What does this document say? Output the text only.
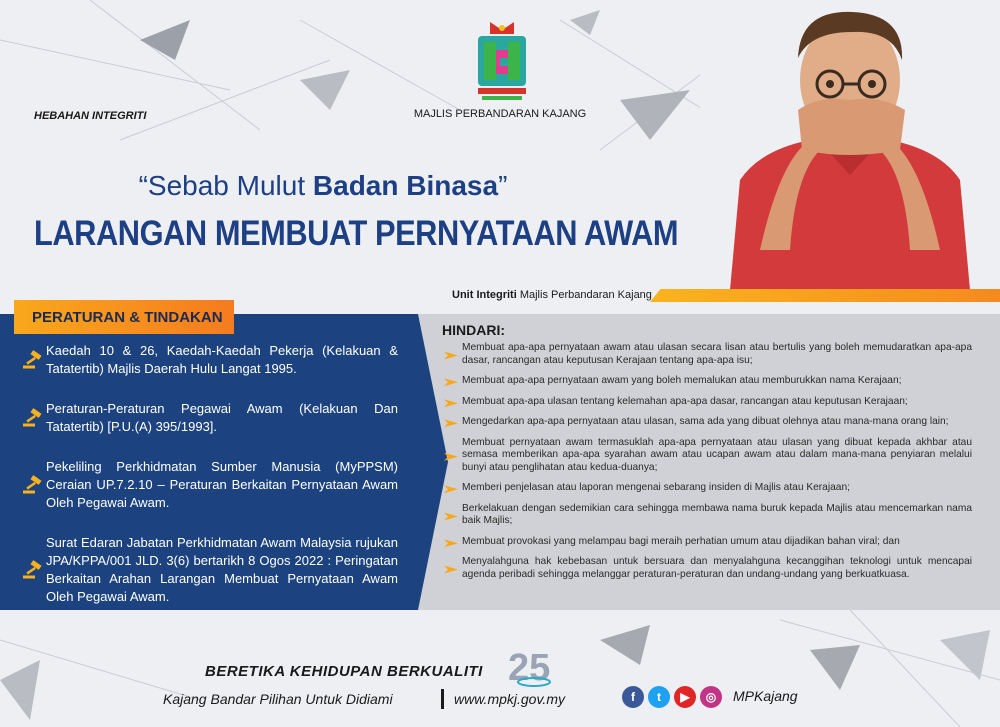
HEBAHAN INTEGRITI	MAJLIS PERBANDARAN KAJANG
“Sebab Mulut Badan Binasa”
LARANGAN MEMBUAT PERNYATAAN AWAM
Unit Integriti Majlis Perbandaran Kajang
PERATURAN & TINDAKAN
Kaedah 10 & 26, Kaedah-Kaedah Pekerja (Kelakuan & Tatatertib) Majlis Daerah Hulu Langat 1995.
Peraturan-Peraturan Pegawai Awam (Kelakuan Dan Tatatertib) [P.U.(A) 395/1993].
Pekeliling Perkhidmatan Sumber Manusia (MyPPSM) Ceraian UP.7.2.10 – Peraturan Berkaitan Pernyataan Awam Oleh Pegawai Awam.
Surat Edaran Jabatan Perkhidmatan Awam Malaysia rujukan JPA/KPPA/001 JLD. 3(6) bertarikh 8 Ogos 2022 : Peringatan Berkaitan Arahan Larangan Membuat Pernyataan Awam Oleh Pegawai Awam.
HINDARI:
Membuat apa-apa pernyataan awam atau ulasan secara lisan atau bertulis yang boleh memudaratkan apa-apa dasar, rancangan atau keputusan Kerajaan tentang apa-apa isu;
Membuat apa-apa pernyataan awam yang boleh memalukan atau memburukkan nama Kerajaan;
Membuat apa-apa ulasan tentang kelemahan apa-apa dasar, rancangan atau keputusan Kerajaan;
Mengedarkan apa-apa pernyataan atau ulasan, sama ada yang dibuat olehnya atau mana-mana orang lain;
Membuat pernyataan awam termasuklah apa-apa pernyataan atau ulasan yang dibuat kepada akhbar atau semasa memberikan apa-apa syarahan awam atau ucapan awam atau dalam mana-mana penyiaran melalui bunyi atau penglihatan atau kedua-duanya;
Memberi penjelasan atau laporan mengenai sebarang insiden di Majlis atau Kerajaan;
Berkelakuan dengan sedemikian cara sehingga membawa nama buruk kepada Majlis atau mencemarkan nama baik Majlis;
Membuat provokasi yang melampau bagi meraih perhatian umum atau dijadikan bahan viral; dan
Menyalahguna hak kebebasan untuk bersuara dan menyalahguna kecanggihan teknologi untuk mencapai agenda peribadi sehingga melanggar peraturan-peraturan dan undang-undang yang berkuatkuasa.
BERETIKA KEHIDUPAN BERKUALITI 25
Kajang Bandar Pilihan Untuk Didiami	www.mpkj.gov.my	f	t	▶	◎	MPKajang
